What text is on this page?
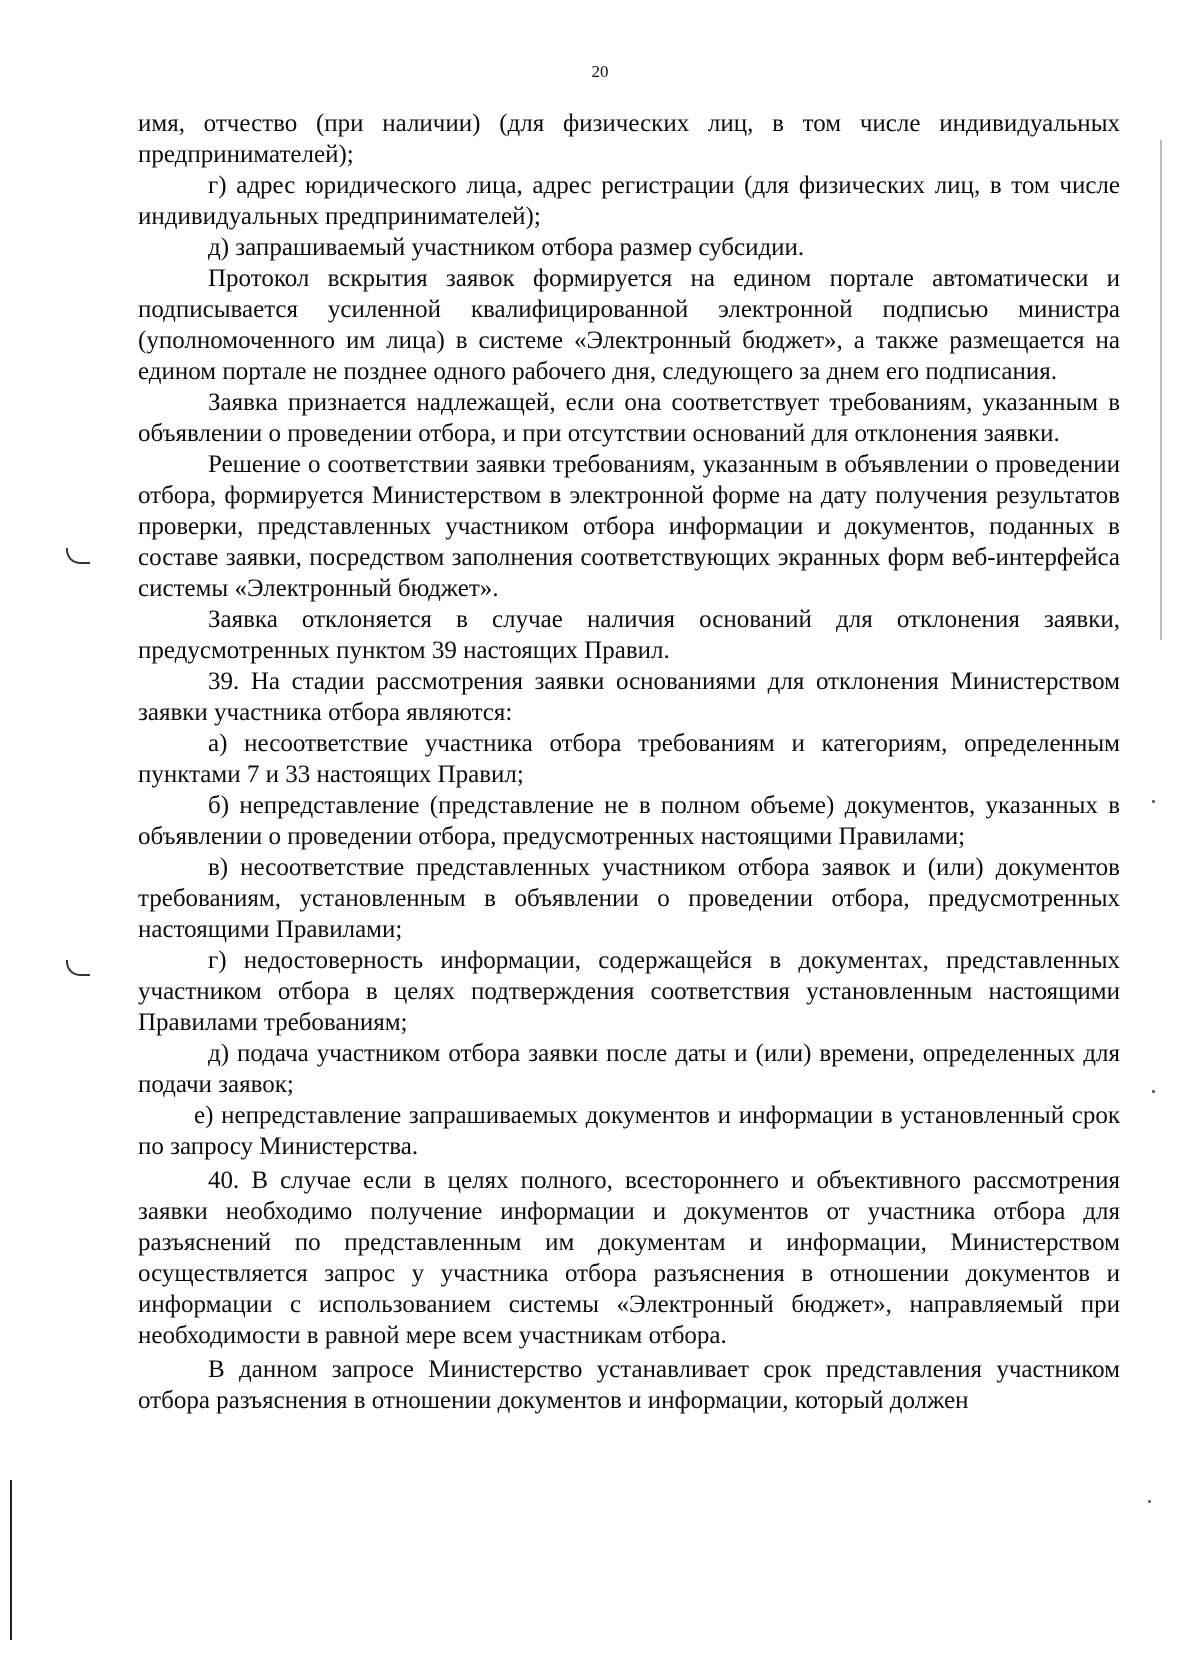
20

имя, отчество (при наличии) (для физических лиц, в том числе индивидуальных предпринимателей);

г) адрес юридического лица, адрес регистрации (для физических лиц, в том числе индивидуальных предпринимателей);

д) запрашиваемый участником отбора размер субсидии.

Протокол вскрытия заявок формируется на едином портале автоматически и подписывается усиленной квалифицированной электронной подписью министра (уполномоченного им лица) в системе «Электронный бюджет», а также размещается на едином портале не позднее одного рабочего дня, следующего за днем его подписания.

Заявка признается надлежащей, если она соответствует требованиям, указанным в объявлении о проведении отбора, и при отсутствии оснований для отклонения заявки.

Решение о соответствии заявки требованиям, указанным в объявлении о проведении отбора, формируется Министерством в электронной форме на дату получения результатов проверки, представленных участником отбора информации и документов, поданных в составе заявки, посредством заполнения соответствующих экранных форм веб-интерфейса системы «Электронный бюджет».

Заявка отклоняется в случае наличия оснований для отклонения заявки, предусмотренных пунктом 39 настоящих Правил.

39. На стадии рассмотрения заявки основаниями для отклонения Министерством заявки участника отбора являются:

а) несоответствие участника отбора требованиям и категориям, определенным пунктами 7 и 33 настоящих Правил;

б) непредставление (представление не в полном объеме) документов, указанных в объявлении о проведении отбора, предусмотренных настоящими Правилами;

в) несоответствие представленных участником отбора заявок и (или) документов требованиям, установленным в объявлении о проведении отбора, предусмотренных настоящими Правилами;

г) недостоверность информации, содержащейся в документах, представленных участником отбора в целях подтверждения соответствия установленным настоящими Правилами требованиям;

д) подача участником отбора заявки после даты и (или) времени, определенных для подачи заявок;

е) непредставление запрашиваемых документов и информации в установленный срок по запросу Министерства.

40. В случае если в целях полного, всестороннего и объективного рассмотрения заявки необходимо получение информации и документов от участника отбора для разъяснений по представленным им документам и информации, Министерством осуществляется запрос у участника отбора разъяснения в отношении документов и информации с использованием системы «Электронный бюджет», направляемый при необходимости в равной мере всем участникам отбора.

В данном запросе Министерство устанавливает срок представления участником отбора разъяснения в отношении документов и информации, который должен
